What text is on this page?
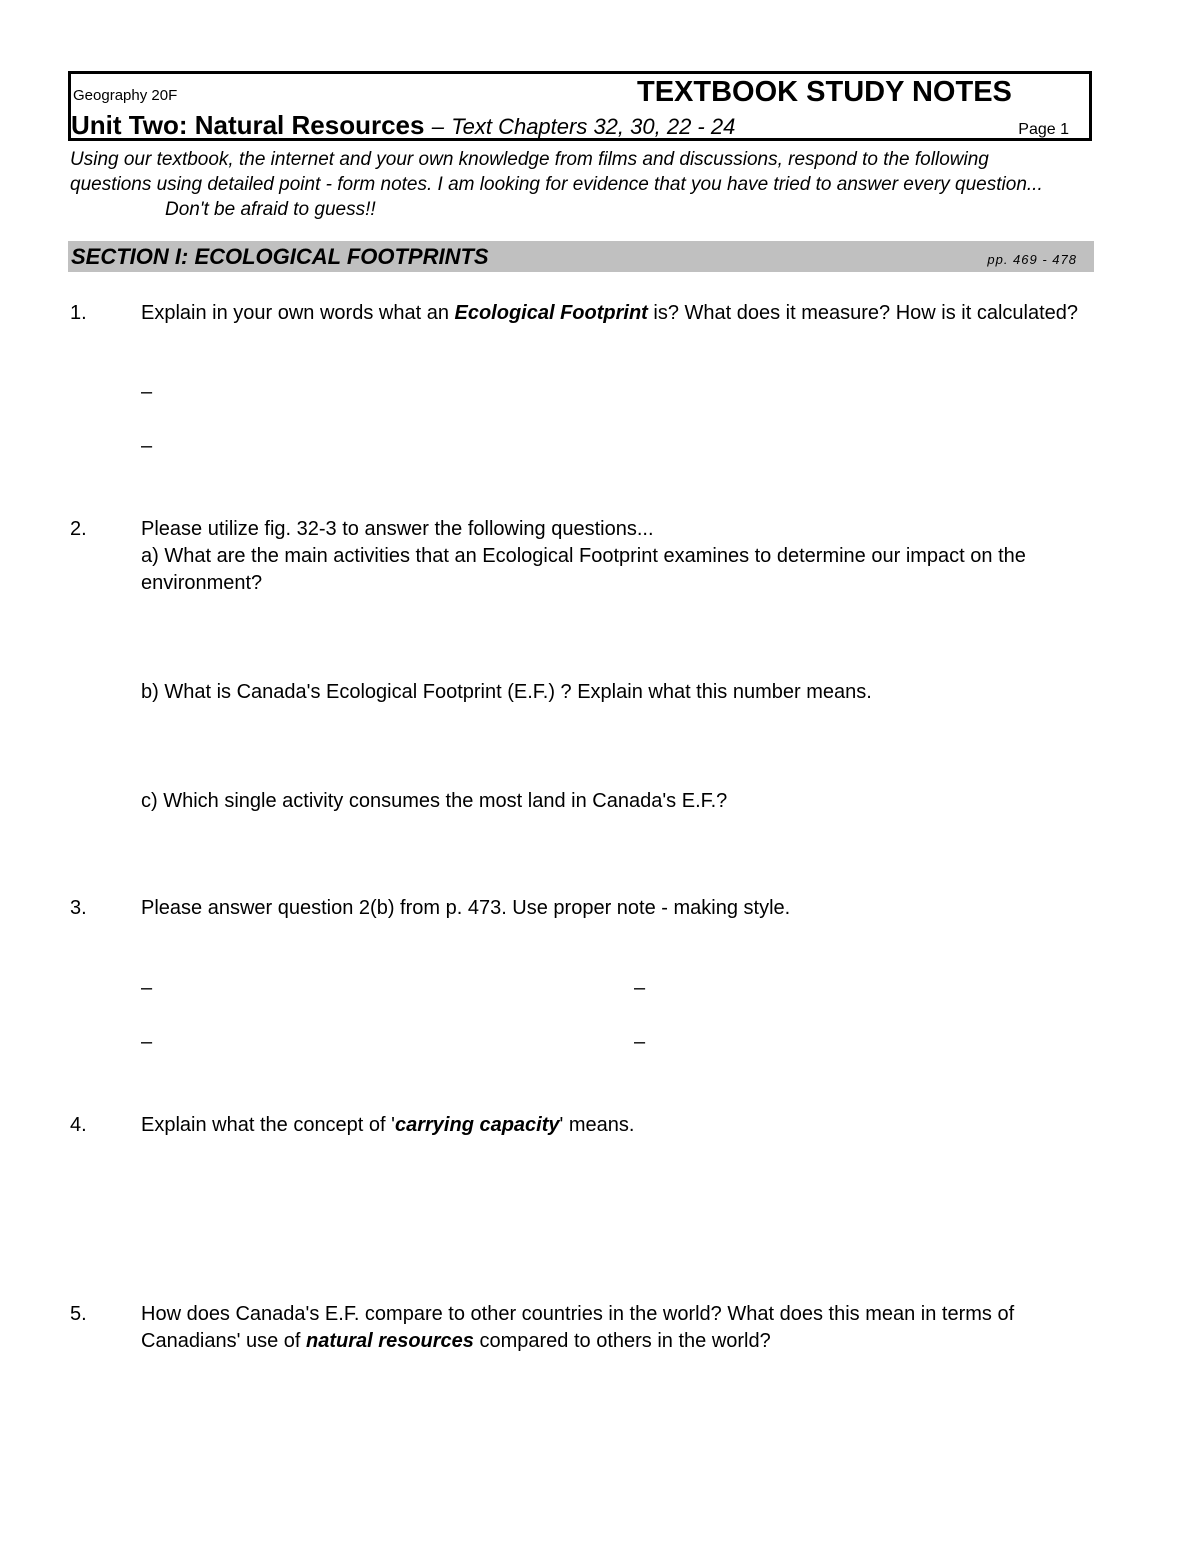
Geography 20F	TEXTBOOK STUDY NOTES
Unit Two: Natural Resources – Text Chapters 32, 30, 22 - 24	Page 1
Using our textbook, the internet and your own knowledge from films and discussions, respond to the following questions using detailed point - form notes. I am looking for evidence that you have tried to answer every question... Don't be afraid to guess!!
SECTION I: ECOLOGICAL FOOTPRINTS	pp. 469 - 478
1.	Explain in your own words what an Ecological Footprint is? What does it measure? How is it calculated?
–
–
2.	Please utilize fig. 32-3 to answer the following questions...
a) What are the main activities that an Ecological Footprint examines to determine our impact on the environment?
b) What is Canada's Ecological Footprint (E.F.) ? Explain what this number means.
c) Which single activity consumes the most land in Canada's E.F.?
3.	Please answer question 2(b) from p. 473. Use proper note - making style.
–	–
–	–
4.	Explain what the concept of 'carrying capacity' means.
5.	How does Canada's E.F. compare to other countries in the world? What does this mean in terms of Canadians' use of natural resources compared to others in the world?
